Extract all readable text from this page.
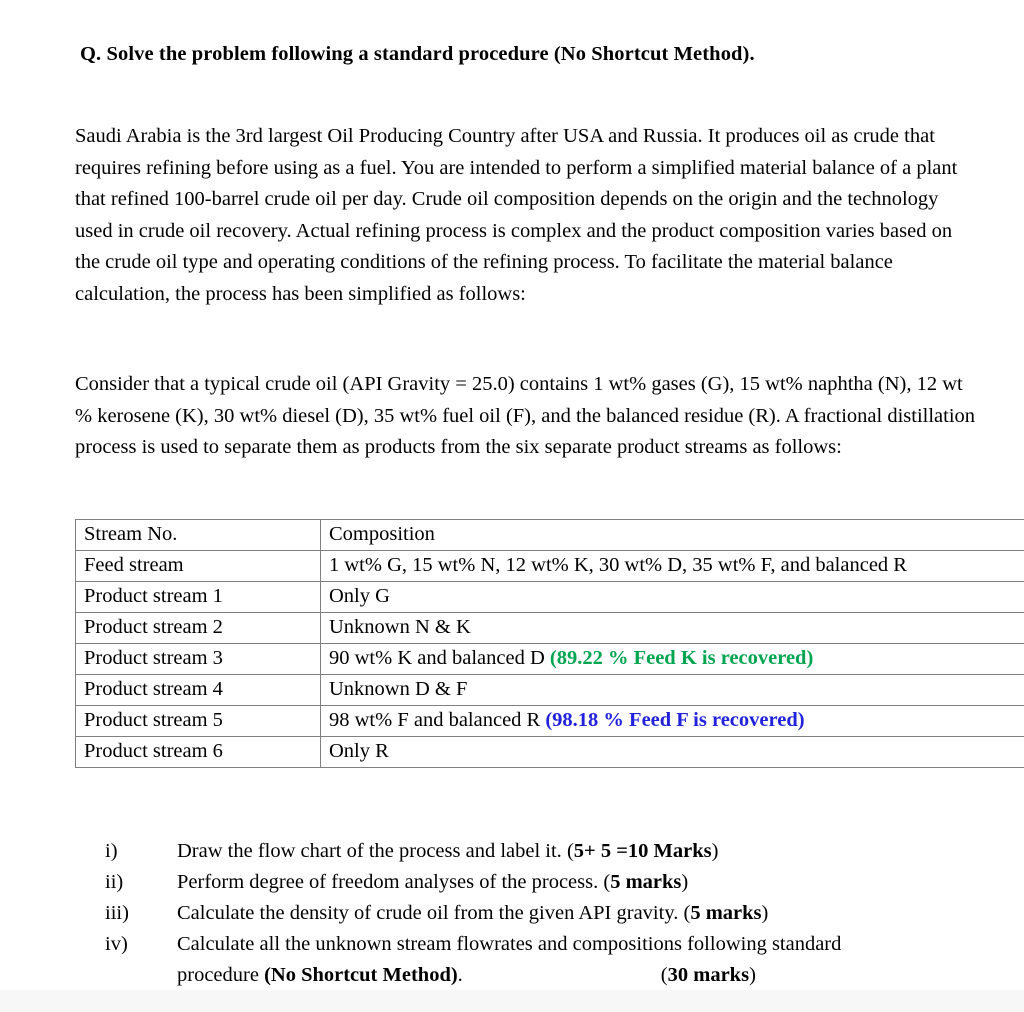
Q. Solve the problem following a standard procedure (No Shortcut Method).

Saudi Arabia is the 3rd largest Oil Producing Country after USA and Russia. It produces oil as crude that requires refining before using as a fuel. You are intended to perform a simplified material balance of a plant that refined 100-barrel crude oil per day. Crude oil composition depends on the origin and the technology used in crude oil recovery. Actual refining process is complex and the product composition varies based on the crude oil type and operating conditions of the refining process. To facilitate the material balance calculation, the process has been simplified as follows:

Consider that a typical crude oil (API Gravity = 25.0) contains 1 wt% gases (G), 15 wt% naphtha (N), 12 wt % kerosene (K), 30 wt% diesel (D), 35 wt% fuel oil (F), and the balanced residue (R). A fractional distillation process is used to separate them as products from the six separate product streams as follows:

Stream No.	Composition
Feed stream	1 wt% G, 15 wt% N, 12 wt% K, 30 wt% D, 35 wt% F, and balanced R
Product stream 1	Only G
Product stream 2	Unknown N & K
Product stream 3	90 wt% K and balanced D (89.22 % Feed K is recovered)
Product stream 4	Unknown D & F
Product stream 5	98 wt% F and balanced R (98.18 % Feed F is recovered)
Product stream 6	Only R
i)	Draw the flow chart of the process and label it. (5+ 5 =10 Marks)
ii)	Perform degree of freedom analyses of the process. (5 marks)
iii)	Calculate the density of crude oil from the given API gravity. (5 marks)
iv)	Calculate all the unknown stream flowrates and compositions following standard
procedure (No Shortcut Method).	(30 marks)
